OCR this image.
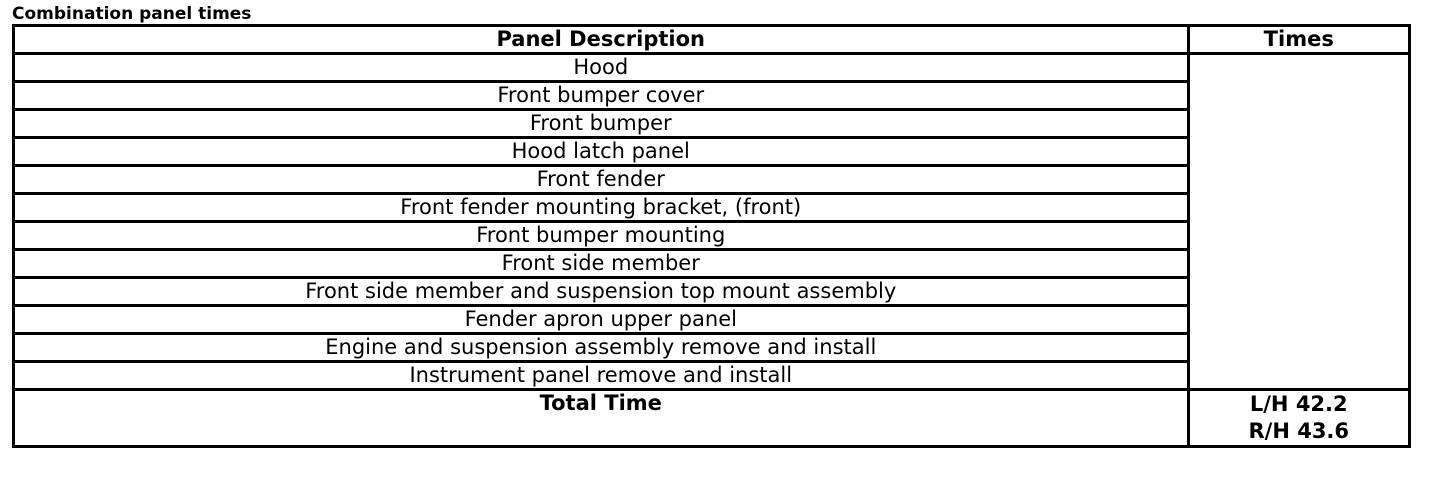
Combination panel times
Panel Description	Times
Hood	
Front bumper cover	
Front bumper	
Hood latch panel	
Front fender	
Front fender mounting bracket, (front)	
Front bumper mounting	
Front side member	
Front side member and suspension top mount assembly	
Fender apron upper panel	
Engine and suspension assembly remove and install	
Instrument panel remove and install	
Total Time	L/H 42.2
R/H 43.6
